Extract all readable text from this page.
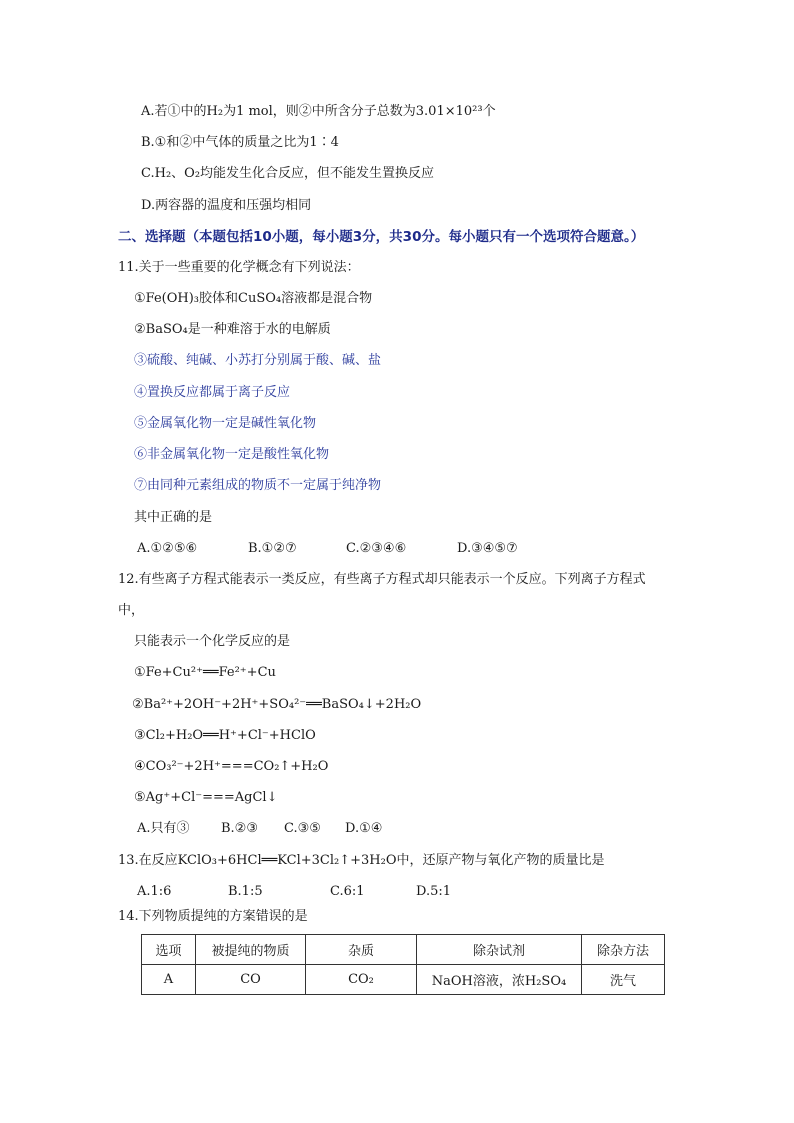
A.若①中的H₂为1 mol，则②中所含分子总数为3.01×10²³个
B.①和②中气体的质量之比为1∶4
C.H₂、O₂均能发生化合反应，但不能发生置换反应
D.两容器的温度和压强均相同
二、选择题（本题包括10小题，每小题3分，共30分。每小题只有一个选项符合题意。）
11.关于一些重要的化学概念有下列说法：
①Fe(OH)₃胶体和CuSO₄溶液都是混合物
②BaSO₄是一种难溶于水的电解质
③硫酸、纯碱、小苏打分别属于酸、碱、盐
④置换反应都属于离子反应
⑤金属氧化物一定是碱性氧化物
⑥非金属氧化物一定是酸性氧化物
⑦由同种元素组成的物质不一定属于纯净物
其中正确的是
A.①②⑤⑥	B.①②⑦	C.②③④⑥	D.③④⑤⑦
12.有些离子方程式能表示一类反应，有些离子方程式却只能表示一个反应。下列离子方程式
中，
只能表示一个化学反应的是
①Fe+Cu²⁺══Fe²⁺+Cu
②Ba²⁺+2OH⁻+2H⁺+SO₄²⁻══BaSO₄↓+2H₂O
③Cl₂+H₂O══H⁺+Cl⁻+HClO
④CO₃²⁻+2H⁺===CO₂↑+H₂O
⑤Ag⁺+Cl⁻===AgCl↓
A.只有③ B.②③ C.③⑤ D.①④
13.在反应KClO₃+6HCl══KCl+3Cl₂↑+3H₂O中，还原产物与氧化产物的质量比是
A.1:6	B.1:5	C.6:1	D.5:1
14.下列物质提纯的方案错误的是
选项	被提纯的物质	杂质	除杂试剂	除杂方法
A	CO	CO₂	NaOH溶液，浓H₂SO₄	洗气
